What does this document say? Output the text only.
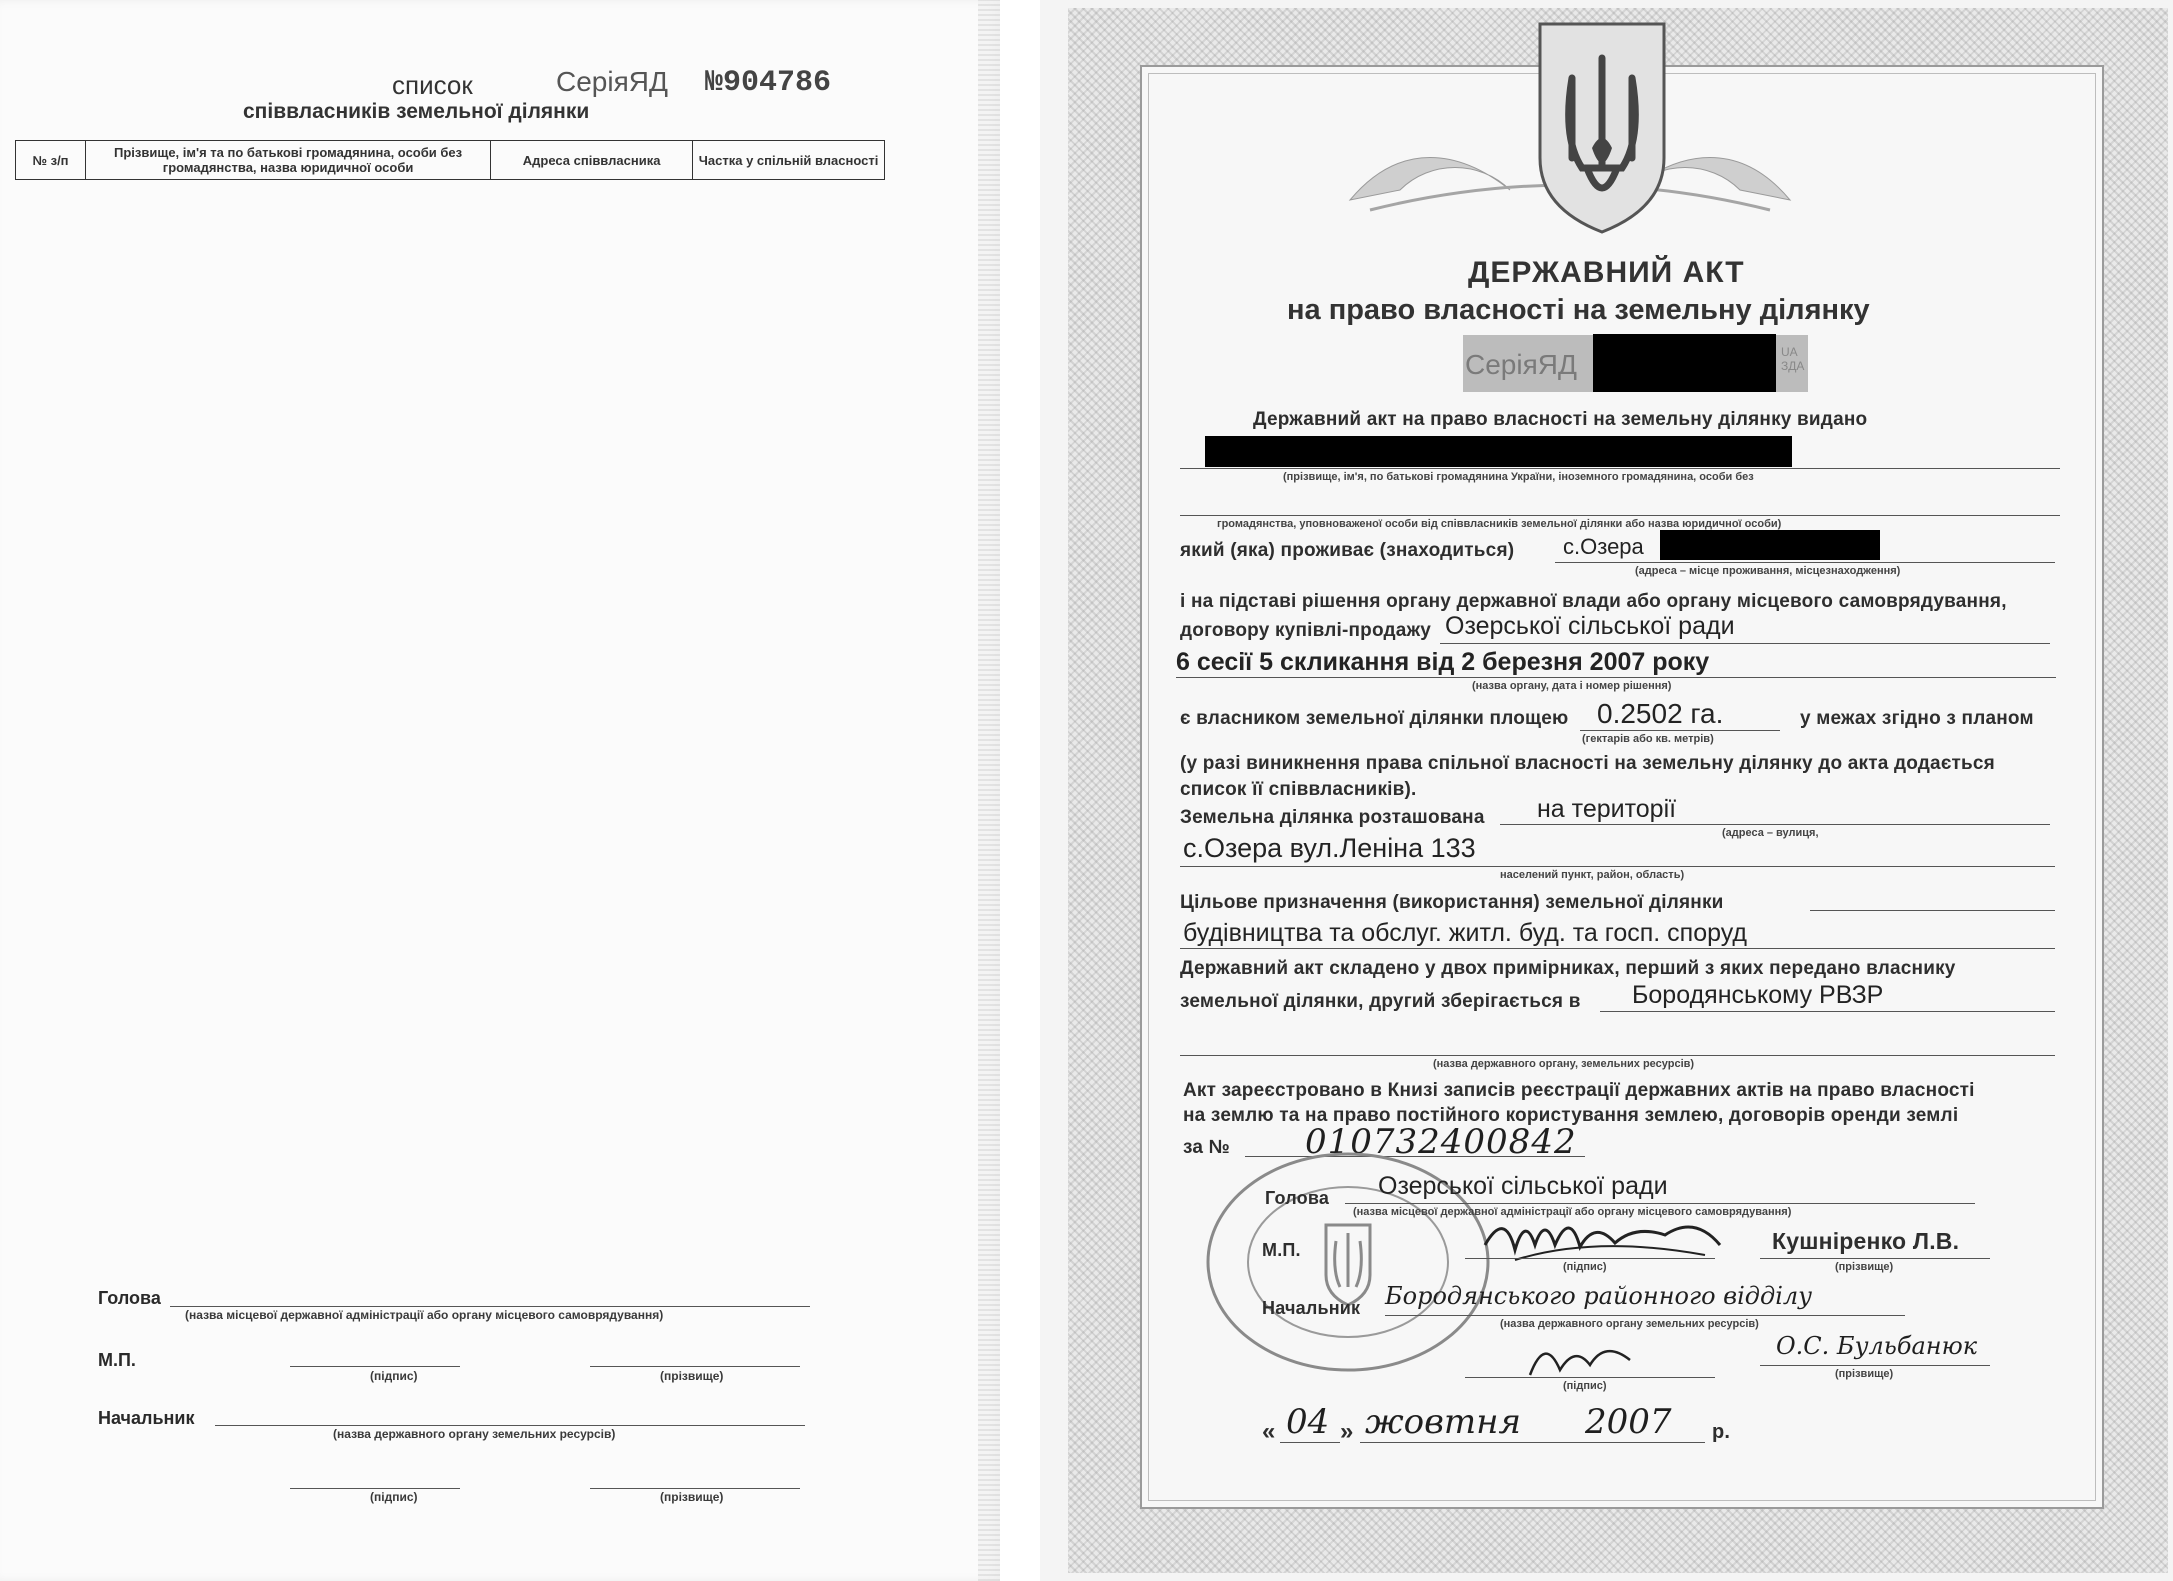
список	СеріяЯД №904786
співвласників земельної ділянки
№ з/п	Прізвище, ім'я та по батькові громадянина, особи без громадянства, назва юридичної особи	Адреса співвласника	Частка у спільній власності
Голова
(назва місцевої державної адміністрації або органу місцевого самоврядування)
М.П.
(підпис)	(прізвище)
Начальник
(назва державного органу земельних ресурсів)
(підпис)	(прізвище)
ДЕРЖАВНИЙ АКТ
на право власності на земельну ділянку
СеріяЯД	UA ЗДА
Державний акт на право власності на земельну ділянку видано
(прізвище, ім'я, по батькові громадянина України, іноземного громадянина, особи без
громадянства, уповноваженої особи від співвласників земельної ділянки або назва юридичної особи)
який (яка) проживає (знаходиться) с.Озера
(адреса – місце проживання, місцезнаходження)
і на підставі рішення органу державної влади або органу місцевого самоврядування,
договору купівлі-продажу Озерської сільської ради
6 сесії 5 скликання від 2 березня 2007 року
(назва органу, дата і номер рішення)
є власником земельної ділянки площею 0.2502 га.	у межах згідно з планом
(гектарів або кв. метрів)
(у разі виникнення права спільної власності на земельну ділянку до акта додається
список її співвласників).
Земельна ділянка розташована на території
(адреса – вулиця,
с.Озера вул.Леніна 133
населений пункт, район, область)
Цільове призначення (використання) земельної ділянки
будівництва та обслуг. житл. буд. та госп. споруд
Державний акт складено у двох примірниках, перший з яких передано власнику
земельної ділянки, другий зберігається в Бородянському РВЗР
(назва державного органу, земельних ресурсів)
Акт зареєстровано в Книзі записів реєстрації державних актів на право власності
на землю та на право постійного користування землею, договорів оренди землі
за № 010732400842
Голова Озерської сільської ради
(назва місцевої державної адміністрації або органу місцевого самоврядування)
М.П.
(підпис)
Кушніренко Л.В.
(прізвище)
Начальник Бородянського районного відділу
(назва державного органу земельних ресурсів)
(підпис)
О.С. Бульбанюк
(прізвище)
« 04 » жовтня 2007 р.
